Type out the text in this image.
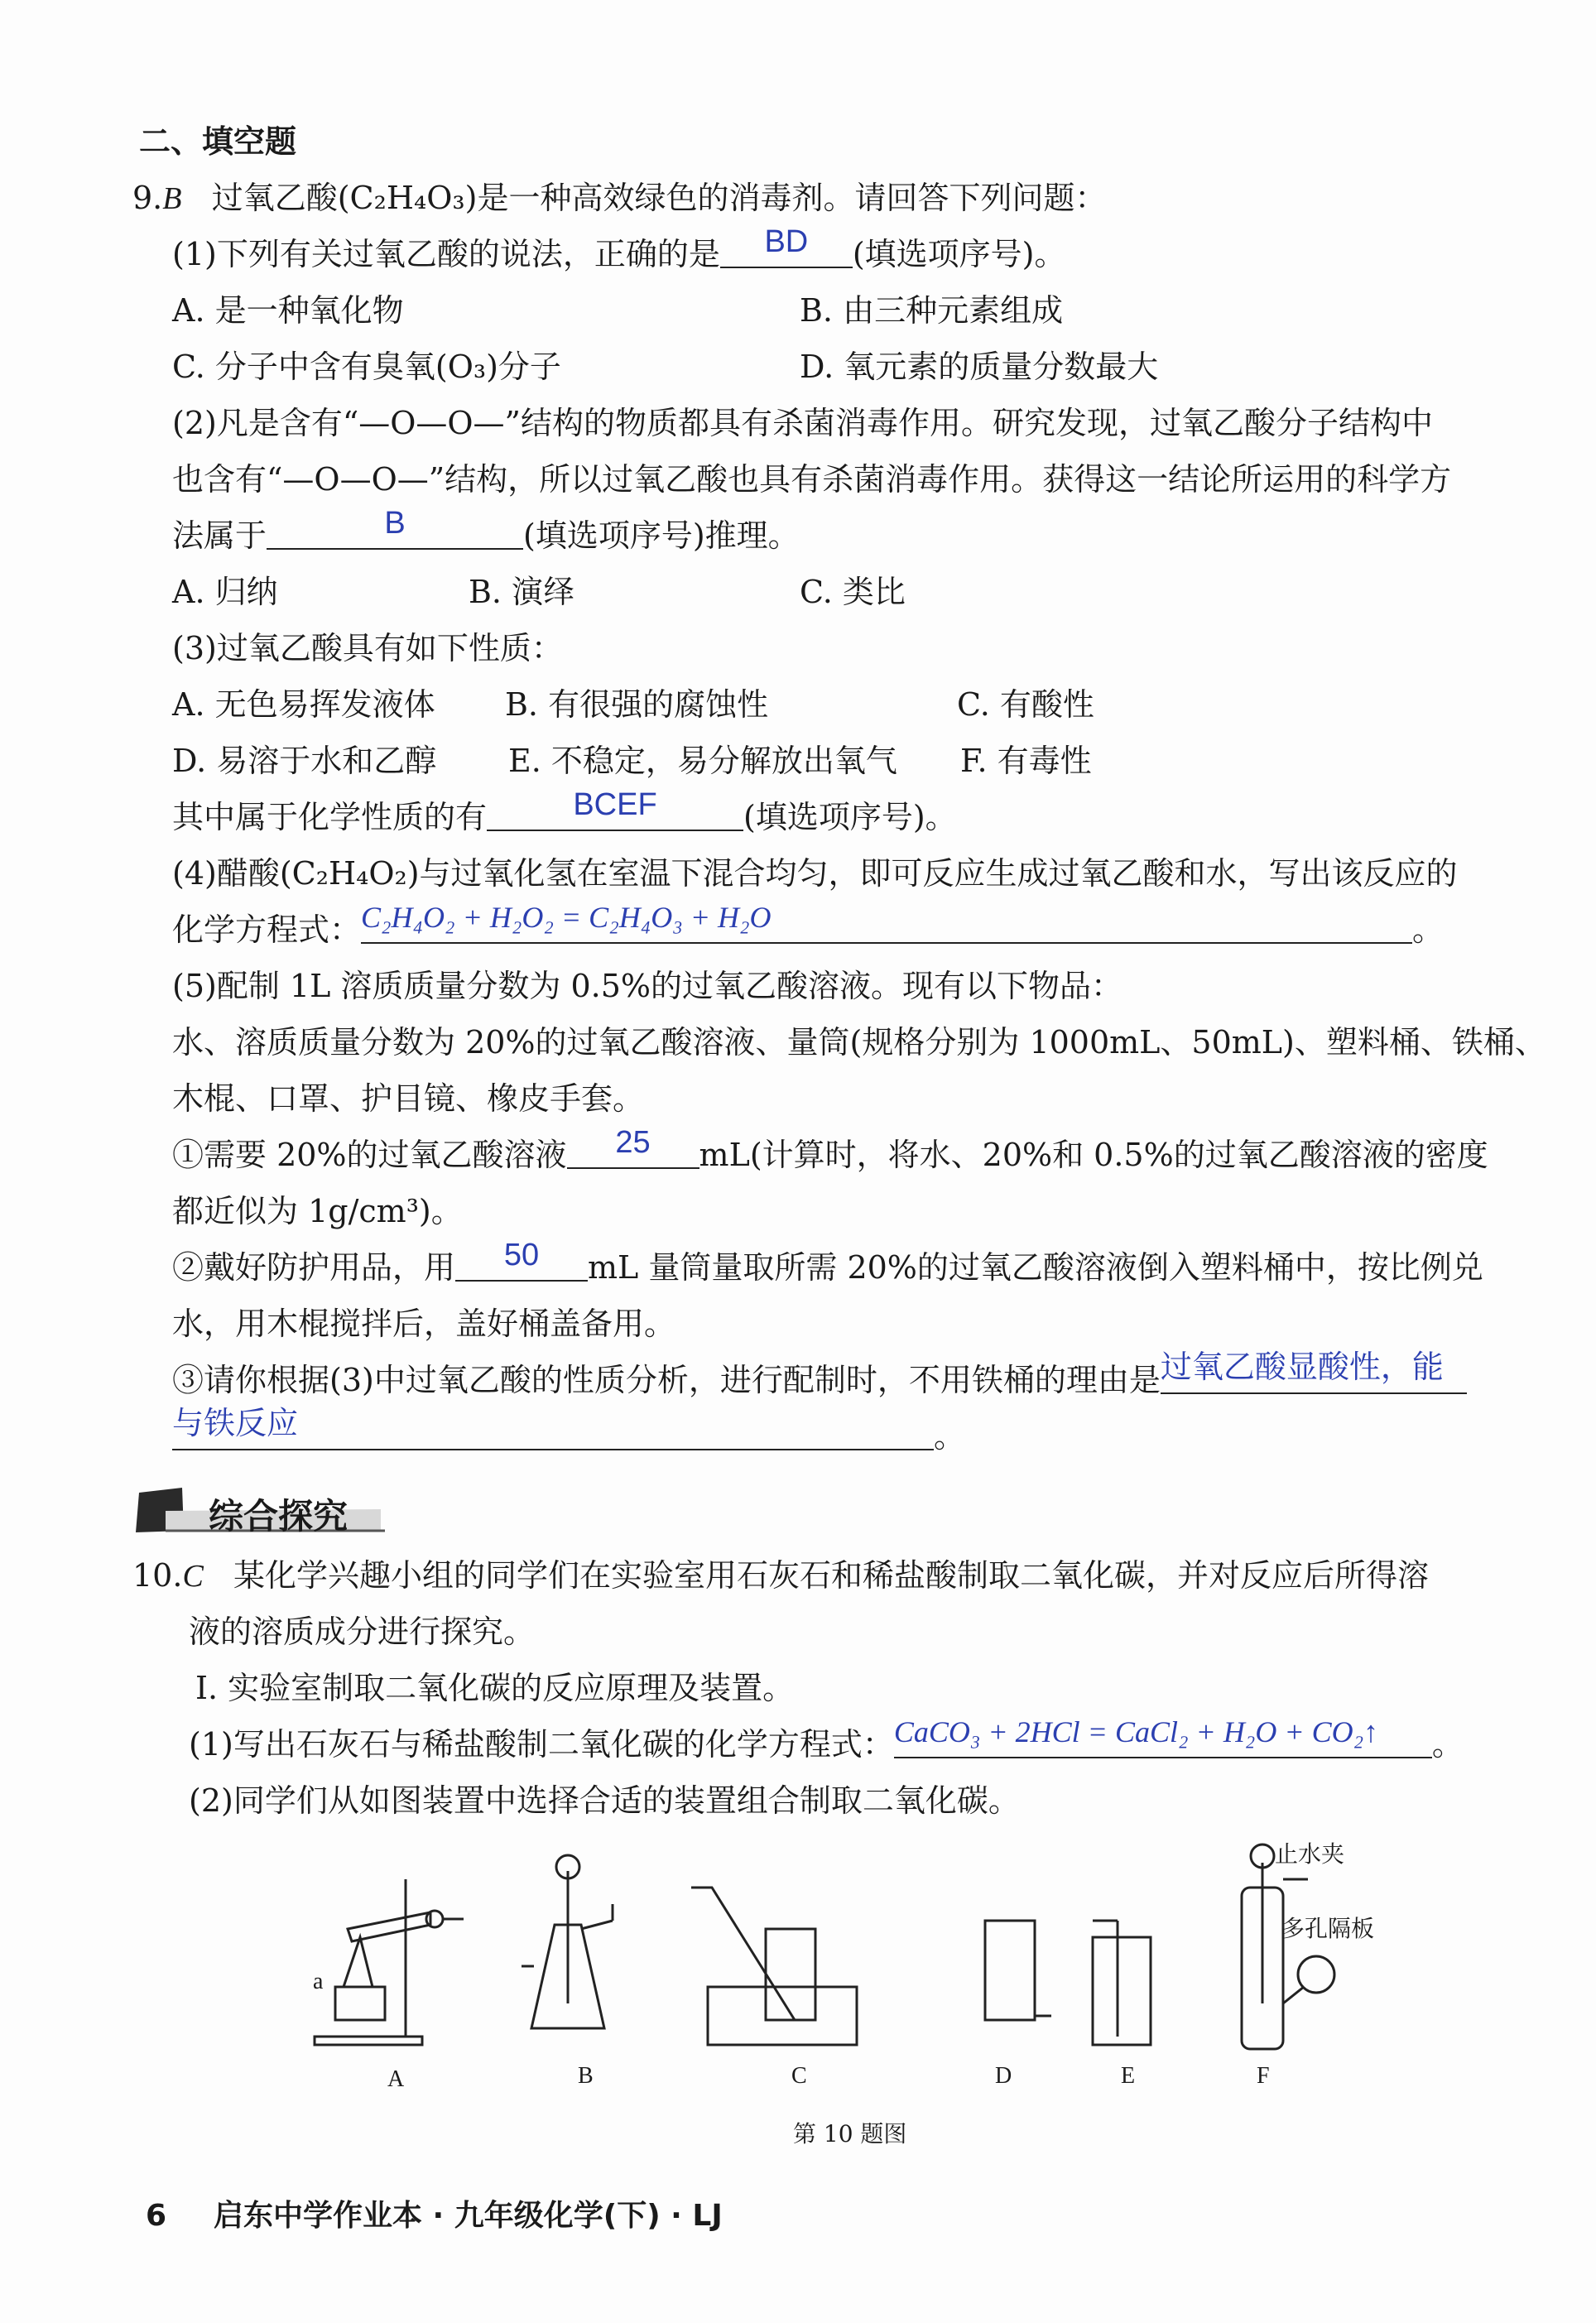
二、填空题
9.B 过氧乙酸(C₂H₄O₃)是一种高效绿色的消毒剂。请回答下列问题：
(1)下列有关过氧乙酸的说法，正确的是 BD (填选项序号)。
A. 是一种氧化物	B. 由三种元素组成
C. 分子中含有臭氧(O₃)分子	D. 氧元素的质量分数最大
(2)凡是含有“—O—O—”结构的物质都具有杀菌消毒作用。研究发现，过氧乙酸分子结构中
也含有“—O—O—”结构，所以过氧乙酸也具有杀菌消毒作用。获得这一结论所运用的科学方
法属于	B	(填选项序号)推理。
A. 归纳	B. 演绎	C. 类比
(3)过氧乙酸具有如下性质：
A. 无色易挥发液体 B. 有很强的腐蚀性	C. 有酸性
D. 易溶于水和乙醇 E. 不稳定，易分解放出氧气 F. 有毒性
其中属于化学性质的有	BCEF	(填选项序号)。
(4)醋酸(C₂H₄O₂)与过氧化氢在室温下混合均匀，即可反应生成过氧乙酸和水，写出该反应的
化学方程式：C₂H₄O₂ + H₂O₂ = C₂H₄O₃ + H₂O	。
(5)配制 1L 溶质质量分数为 0.5%的过氧乙酸溶液。现有以下物品：
水、溶质质量分数为 20%的过氧乙酸溶液、量筒(规格分别为 1000mL、50mL)、塑料桶、铁桶、
木棍、口罩、护目镜、橡皮手套。
①需要 20%的过氧乙酸溶液 25 mL(计算时，将水、20%和 0.5%的过氧乙酸溶液的密度
都近似为 1g/cm³)。
②戴好防护用品，用 50 mL 量筒量取所需 20%的过氧乙酸溶液倒入塑料桶中，按比例兑
水，用木棍搅拌后，盖好桶盖备用。
③请你根据(3)中过氧乙酸的性质分析，进行配制时，不用铁桶的理由是过氧乙酸显酸性，能
与铁反应	。
综合探究
10.C 某化学兴趣小组的同学们在实验室用石灰石和稀盐酸制取二氧化碳，并对反应后所得溶
液的溶质成分进行探究。
Ⅰ. 实验室制取二氧化碳的反应原理及装置。
(1)写出石灰石与稀盐酸制二氧化碳的化学方程式：CaCO₃ + 2HCl = CaCl₂ + H₂O + CO₂↑ 。
(2)同学们从如图装置中选择合适的装置组合制取二氧化碳。
a
止水夹
多孔隔板
A	B	C	D	E	F
第 10 题图
6 启东中学作业本 · 九年级化学(下) · LJ
